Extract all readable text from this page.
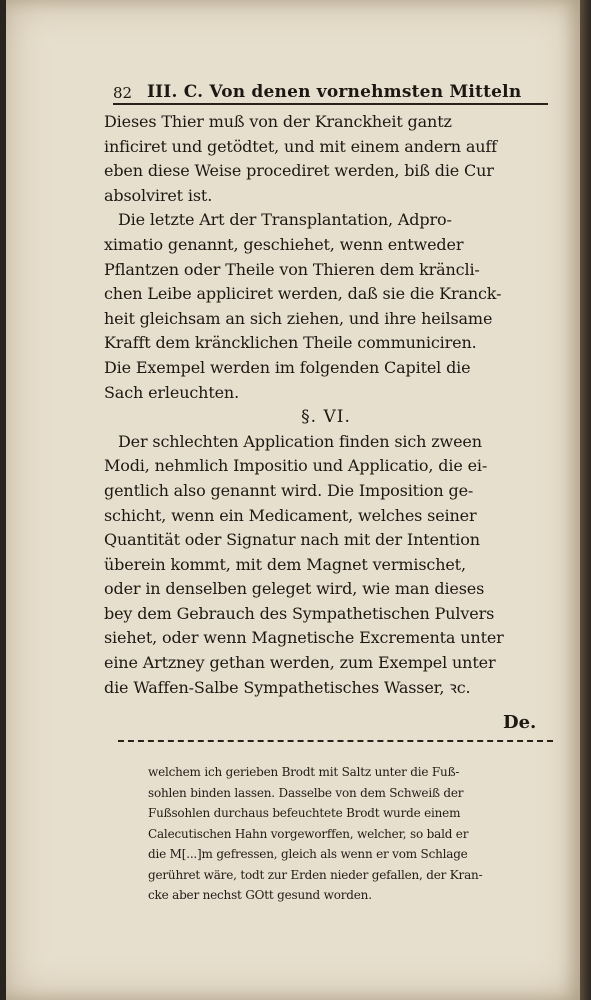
82 III. C. Von denen vornehmsten Mitteln
Dieses Thier muß von der Kranckheit gantz
inficiret und getödtet, und mit einem andern auff
eben diese Weise procediret werden, biß die Cur
absolviret ist.
Die letzte Art der Transplantation, Adpro-
ximatio genannt, geschiehet, wenn entweder
Pflantzen oder Theile von Thieren dem kräncli-
chen Leibe appliciret werden, daß sie die Kranck-
heit gleichsam an sich ziehen, und ihre heilsame
Krafft dem kräncklichen Theile communiciren.
Die Exempel werden im folgenden Capitel die
Sach erleuchten.
§. VI.
Der schlechten Application finden sich zween
Modi, nehmlich Impositio und Applicatio, die ei-
gentlich also genannt wird. Die Imposition ge-
schicht, wenn ein Medicament, welches seiner
Quantität oder Signatur nach mit der Intention
überein kommt, mit dem Magnet vermischet,
oder in denselben geleget wird, wie man dieses
bey dem Gebrauch des Sympathetischen Pulvers
siehet, oder wenn Magnetische Excrementa unter
eine Artzney gethan werden, zum Exempel unter
die Waffen-Salbe Sympathetisches Wasser, ꝛc.
De.
welchem ich gerieben Brodt mit Saltz unter die Fuß-
sohlen binden lassen. Dasselbe von dem Schweiß der
Fußsohlen durchaus befeuchtete Brodt wurde einem
Calecutischen Hahn vorgeworffen, welcher, so bald er
die M[...]m gefressen, gleich als wenn er vom Schlage
gerühret wäre, todt zur Erden nieder gefallen, der Kran-
cke aber nechst GOtt gesund worden.
